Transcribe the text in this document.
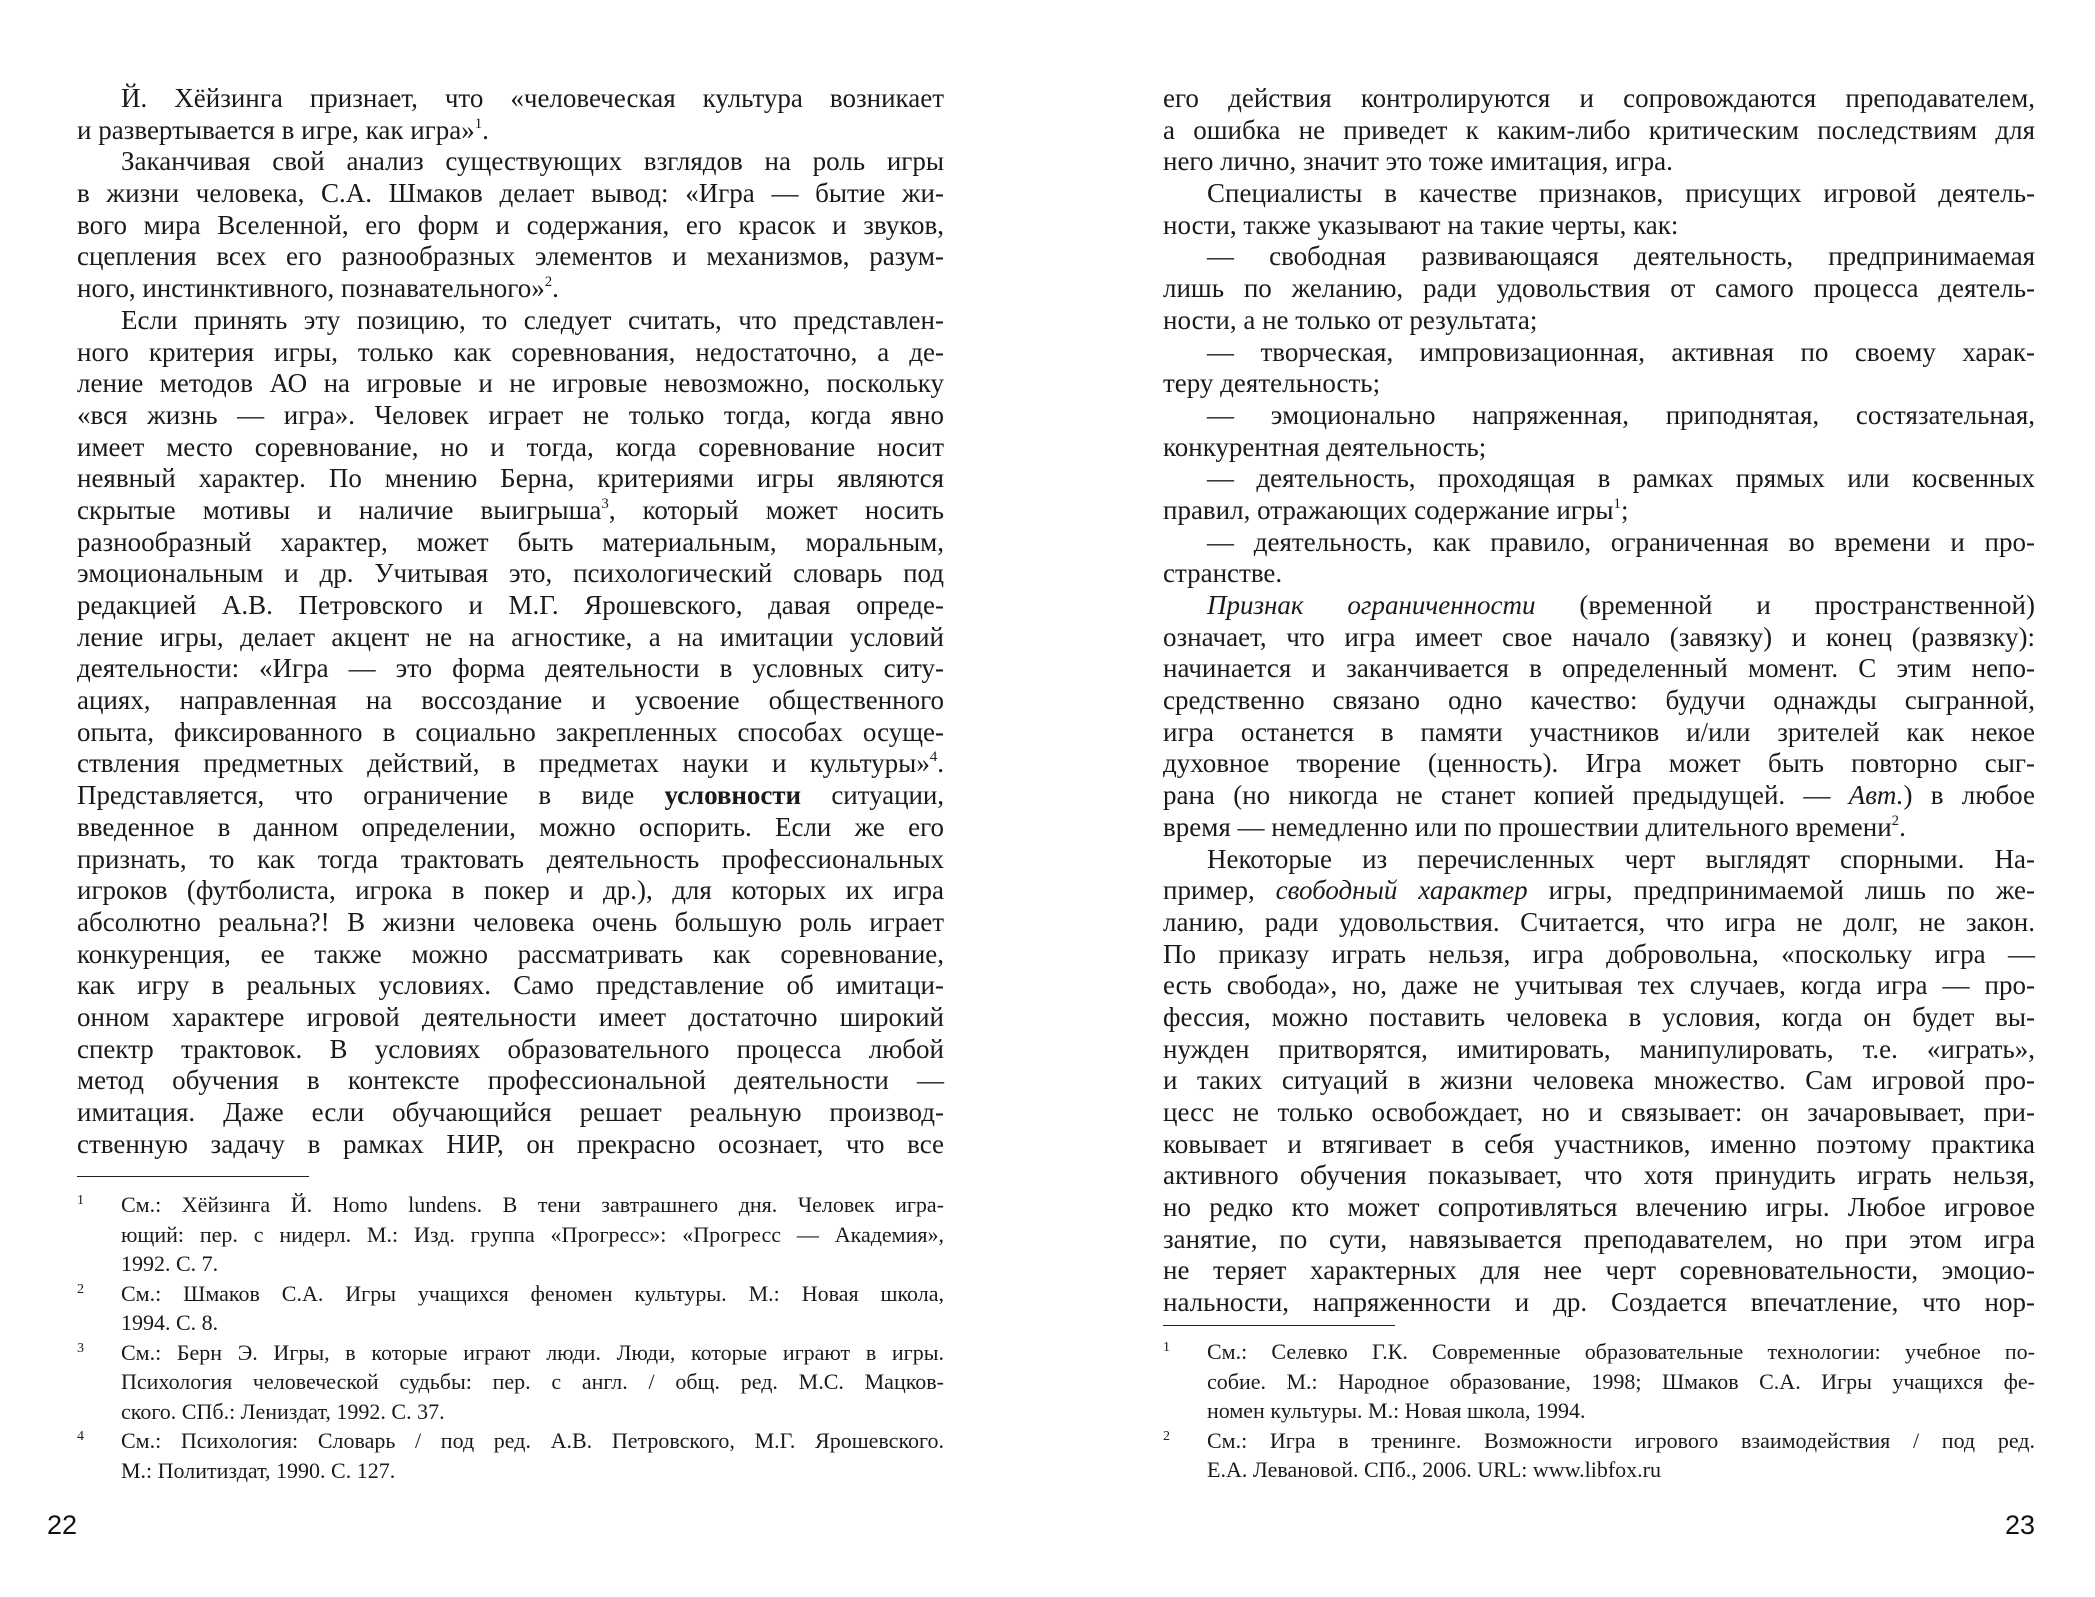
Й. Хёйзинга признает, что «человеческая культура возникает
и развертывается в игре, как игра»$^1$.
Заканчивая свой анализ существующих взглядов на роль игры
в жизни человека, С.А. Шмаков делает вывод: «Игра — бытие жи-
вого мира Вселенной, его форм и содержания, его красок и звуков,
сцепления всех его разнообразных элементов и механизмов, разум-
ного, инстинктивного, познавательного»$^2$.
Если принять эту позицию, то следует считать, что представлен-
ного критерия игры, только как соревнования, недостаточно, а де-
ление методов АО на игровые и не игровые невозможно, поскольку
«вся жизнь — игра». Человек играет не только тогда, когда явно
имеет место соревнование, но и тогда, когда соревнование носит
неявный характер. По мнению Берна, критериями игры являются
скрытые мотивы и наличие выигрыша$^3$, который может носить
разнообразный характер, может быть материальным, моральным,
эмоциональным и др. Учитывая это, психологический словарь под
редакцией А.В. Петровского и М.Г. Ярошевского, давая опреде-
ление игры, делает акцент не на агностике, а на имитации условий
деятельности: «Игра — это форма деятельности в условных ситу-
ациях, направленная на воссоздание и усвоение общественного
опыта, фиксированного в социально закрепленных способах осуще-
ствления предметных действий, в предметах науки и культуры»$^4$.
Представляется, что ограничение в виде условности ситуации,
введенное в данном определении, можно оспорить. Если же его
признать, то как тогда трактовать деятельность профессиональных
игроков (футболиста, игрока в покер и др.), для которых их игра
абсолютно реальна?! В жизни человека очень большую роль играет
конкуренция, ее также можно рассматривать как соревнование,
как игру в реальных условиях. Само представление об имитаци-
онном характере игровой деятельности имеет достаточно широкий
спектр трактовок. В условиях образовательного процесса любой
метод обучения в контексте профессиональной деятельности —
имитация. Даже если обучающийся решает реальную производ-
ственную задачу в рамках НИР, он прекрасно осознает, что все
1 См.: Хёйзинга Й. Homo lundens. В тени завтрашнего дня. Человек игра-
ющий: пер. с нидерл. М.: Изд. группа «Прогресс»: «Прогресс — Академия»,
1992. С. 7.
2 См.: Шмаков С.А. Игры учащихся феномен культуры. М.: Новая школа,
1994. С. 8.
3 См.: Берн Э. Игры, в которые играют люди. Люди, которые играют в игры.
Психология человеческой судьбы: пер. с англ. / общ. ред. М.С. Мацков-
ского. СПб.: Лениздат, 1992. С. 37.
4 См.: Психология: Словарь / под ред. А.В. Петровского, М.Г. Ярошевского.
М.: Политиздат, 1990. С. 127.
22
его действия контролируются и сопровождаются преподавателем,
а ошибка не приведет к каким-либо критическим последствиям для
него лично, значит это тоже имитация, игра.
Специалисты в качестве признаков, присущих игровой деятель-
ности, также указывают на такие черты, как:
— свободная развивающаяся деятельность, предпринимаемая
лишь по желанию, ради удовольствия от самого процесса деятель-
ности, а не только от результата;
— творческая, импровизационная, активная по своему харак-
теру деятельность;
— эмоционально напряженная, приподнятая, состязательная,
конкурентная деятельность;
— деятельность, проходящая в рамках прямых или косвенных
правил, отражающих содержание игры$^1$;
— деятельность, как правило, ограниченная во времени и про-
странстве.
Признак ограниченности (временной и пространственной)
означает, что игра имеет свое начало (завязку) и конец (развязку):
начинается и заканчивается в определенный момент. С этим непо-
средственно связано одно качество: будучи однажды сыгранной,
игра останется в памяти участников и/или зрителей как некое
духовное творение (ценность). Игра может быть повторно сыг-
рана (но никогда не станет копией предыдущей. — Авт.) в любое
время — немедленно или по прошествии длительного времени$^2$.
Некоторые из перечисленных черт выглядят спорными. На-
пример, свободный характер игры, предпринимаемой лишь по же-
ланию, ради удовольствия. Считается, что игра не долг, не закон.
По приказу играть нельзя, игра добровольна, «поскольку игра —
есть свобода», но, даже не учитывая тех случаев, когда игра — про-
фессия, можно поставить человека в условия, когда он будет вы-
нужден притворятся, имитировать, манипулировать, т.е. «играть»,
и таких ситуаций в жизни человека множество. Сам игровой про-
цесс не только освобождает, но и связывает: он зачаровывает, при-
ковывает и втягивает в себя участников, именно поэтому практика
активного обучения показывает, что хотя принудить играть нельзя,
но редко кто может сопротивляться влечению игры. Любое игровое
занятие, по сути, навязывается преподавателем, но при этом игра
не теряет характерных для нее черт соревновательности, эмоцио-
нальности, напряженности и др. Создается впечатление, что нор-
1 См.: Селевко Г.К. Современные образовательные технологии: учебное по-
собие. М.: Народное образование, 1998; Шмаков С.А. Игры учащихся фе-
номен культуры. М.: Новая школа, 1994.
2 См.: Игра в тренинге. Возможности игрового взаимодействия / под ред.
Е.А. Левановой. СПб., 2006. URL: www.libfox.ru
23
